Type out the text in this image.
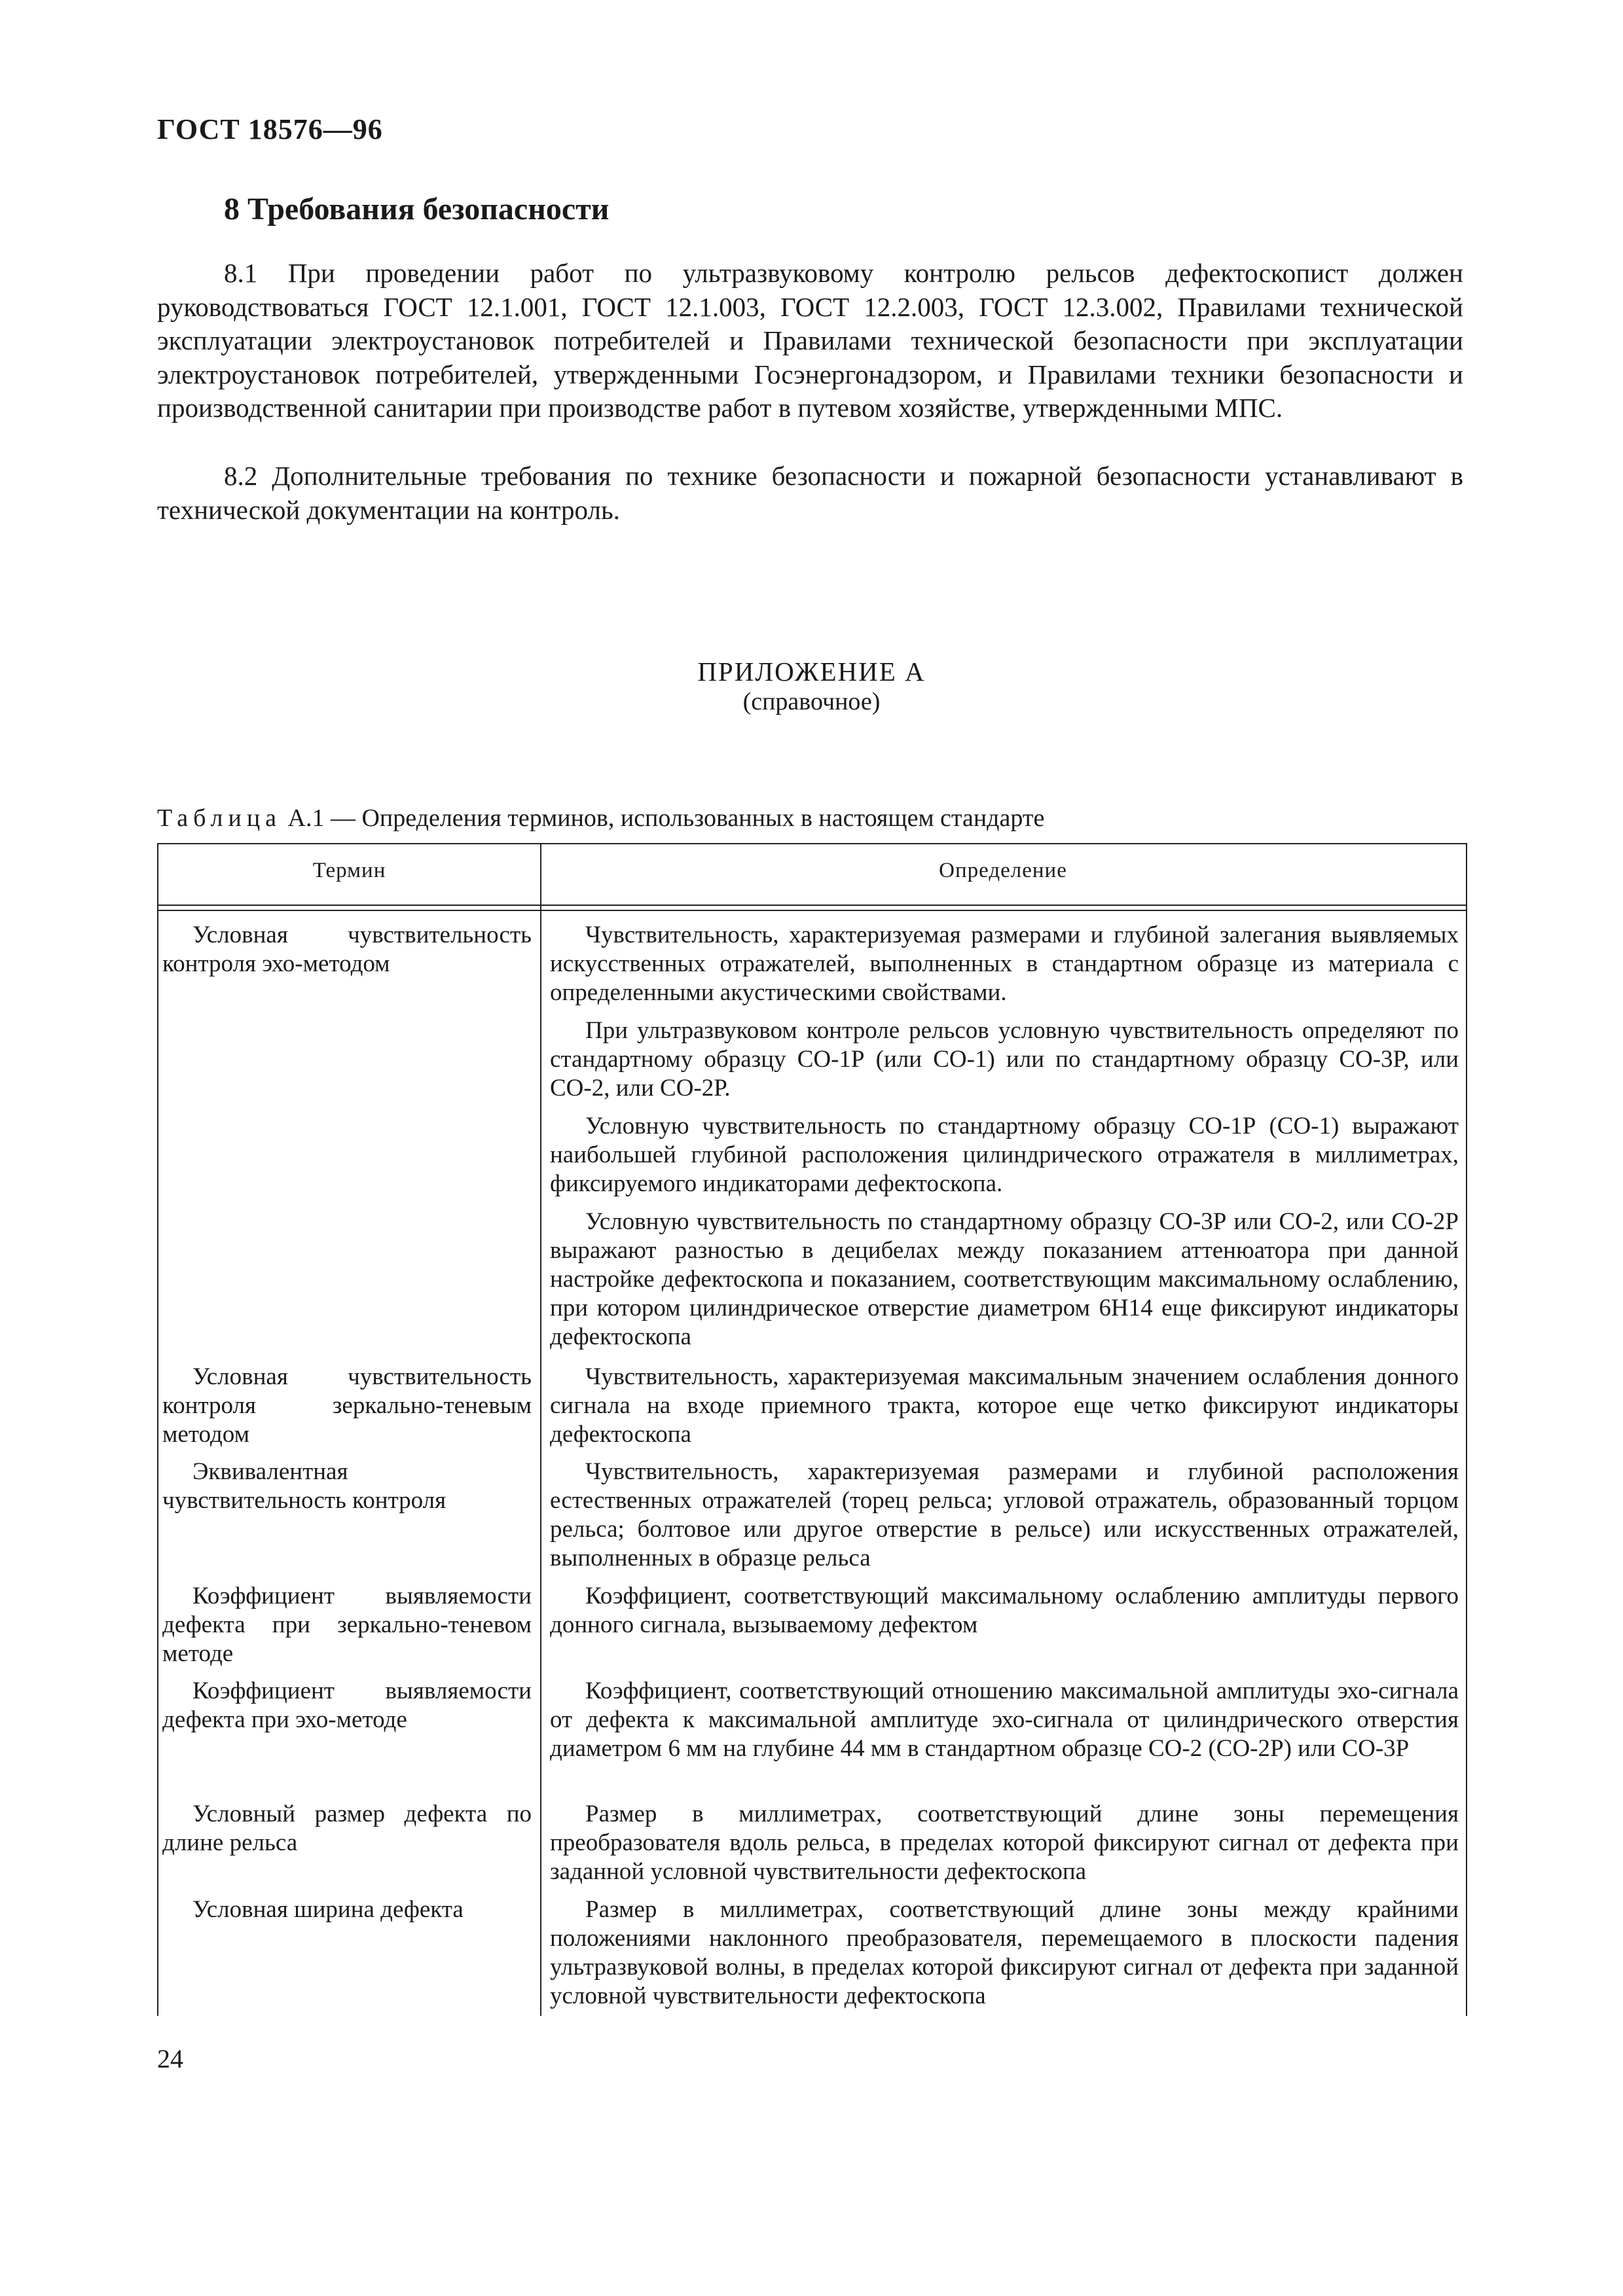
ГОСТ 18576—96
8 Требования безопасности
8.1 При проведении работ по ультразвуковому контролю рельсов дефектоскопист должен руководствоваться ГОСТ 12.1.001, ГОСТ 12.1.003, ГОСТ 12.2.003, ГОСТ 12.3.002, Правилами технической эксплуатации электроустановок потребителей и Правилами технической безопасности при эксплуатации электроустановок потребителей, утвержденными Госэнергонадзором, и Правилами техники безопасности и производственной санитарии при производстве работ в путевом хозяйстве, утвержденными МПС.
8.2 Дополнительные требования по технике безопасности и пожарной безопасности устанавливают в технической документации на контроль.
ПРИЛОЖЕНИЕ А
(справочное)
Таблица А.1 — Определения терминов, использованных в настоящем стандарте
Термин	Определение
Условная чувствительность контроля эхо-методом

Чувствительность, характеризуемая размерами и глубиной залегания выявляемых искусственных отражателей, выполненных в стандартном образце из материала с определенными акустическими свойствами.

При ультразвуковом контроле рельсов условную чувствительность определяют по стандартному образцу СО-1Р (или СО-1) или по стандартному образцу СО-3Р, или СО-2, или СО-2Р.

Условную чувствительность по стандартному образцу СО-1Р (СО-1) выражают наибольшей глубиной расположения цилиндрического отражателя в миллиметрах, фиксируемого индикаторами дефектоскопа.

Условную чувствительность по стандартному образцу СО-3Р или СО-2, или СО-2Р выражают разностью в децибелах между показанием аттенюатора при данной настройке дефектоскопа и показанием, соответствующим максимальному ослаблению, при котором цилиндрическое отверстие диаметром 6Н14 еще фиксируют индикаторы дефектоскопа

Условная чувствительность контроля зеркально-теневым методом

Чувствительность, характеризуемая максимальным значением ослабления донного сигнала на входе приемного тракта, которое еще четко фиксируют индикаторы дефектоскопа

Эквивалентная чувствительность контроля

Чувствительность, характеризуемая размерами и глубиной расположения естественных отражателей (торец рельса; угловой отражатель, образованный торцом рельса; болтовое или другое отверстие в рельсе) или искусственных отражателей, выполненных в образце рельса

Коэффициент выявляемости дефекта при зеркально-теневом методе

Коэффициент, соответствующий максимальному ослаблению амплитуды первого донного сигнала, вызываемому дефектом

Коэффициент выявляемости дефекта при эхо-методе

Коэффициент, соответствующий отношению максимальной амплитуды эхо-сигнала от дефекта к максимальной амплитуде эхо-сигнала от цилиндрического отверстия диаметром 6 мм на глубине 44 мм в стандартном образце СО-2 (СО-2Р) или СО-3Р

Условный размер дефекта по длине рельса

Размер в миллиметрах, соответствующий длине зоны перемещения преобразователя вдоль рельса, в пределах которой фиксируют сигнал от дефекта при заданной условной чувствительности дефектоскопа

Условная ширина дефекта	Размер в миллиметрах, соответствующий длине зоны между крайними положениями наклонного преобразователя, перемещаемого в плоскости падения ультразвуковой волны, в пределах которой фиксируют сигнал от дефекта при заданной условной чувствительности дефектоскопа

24
